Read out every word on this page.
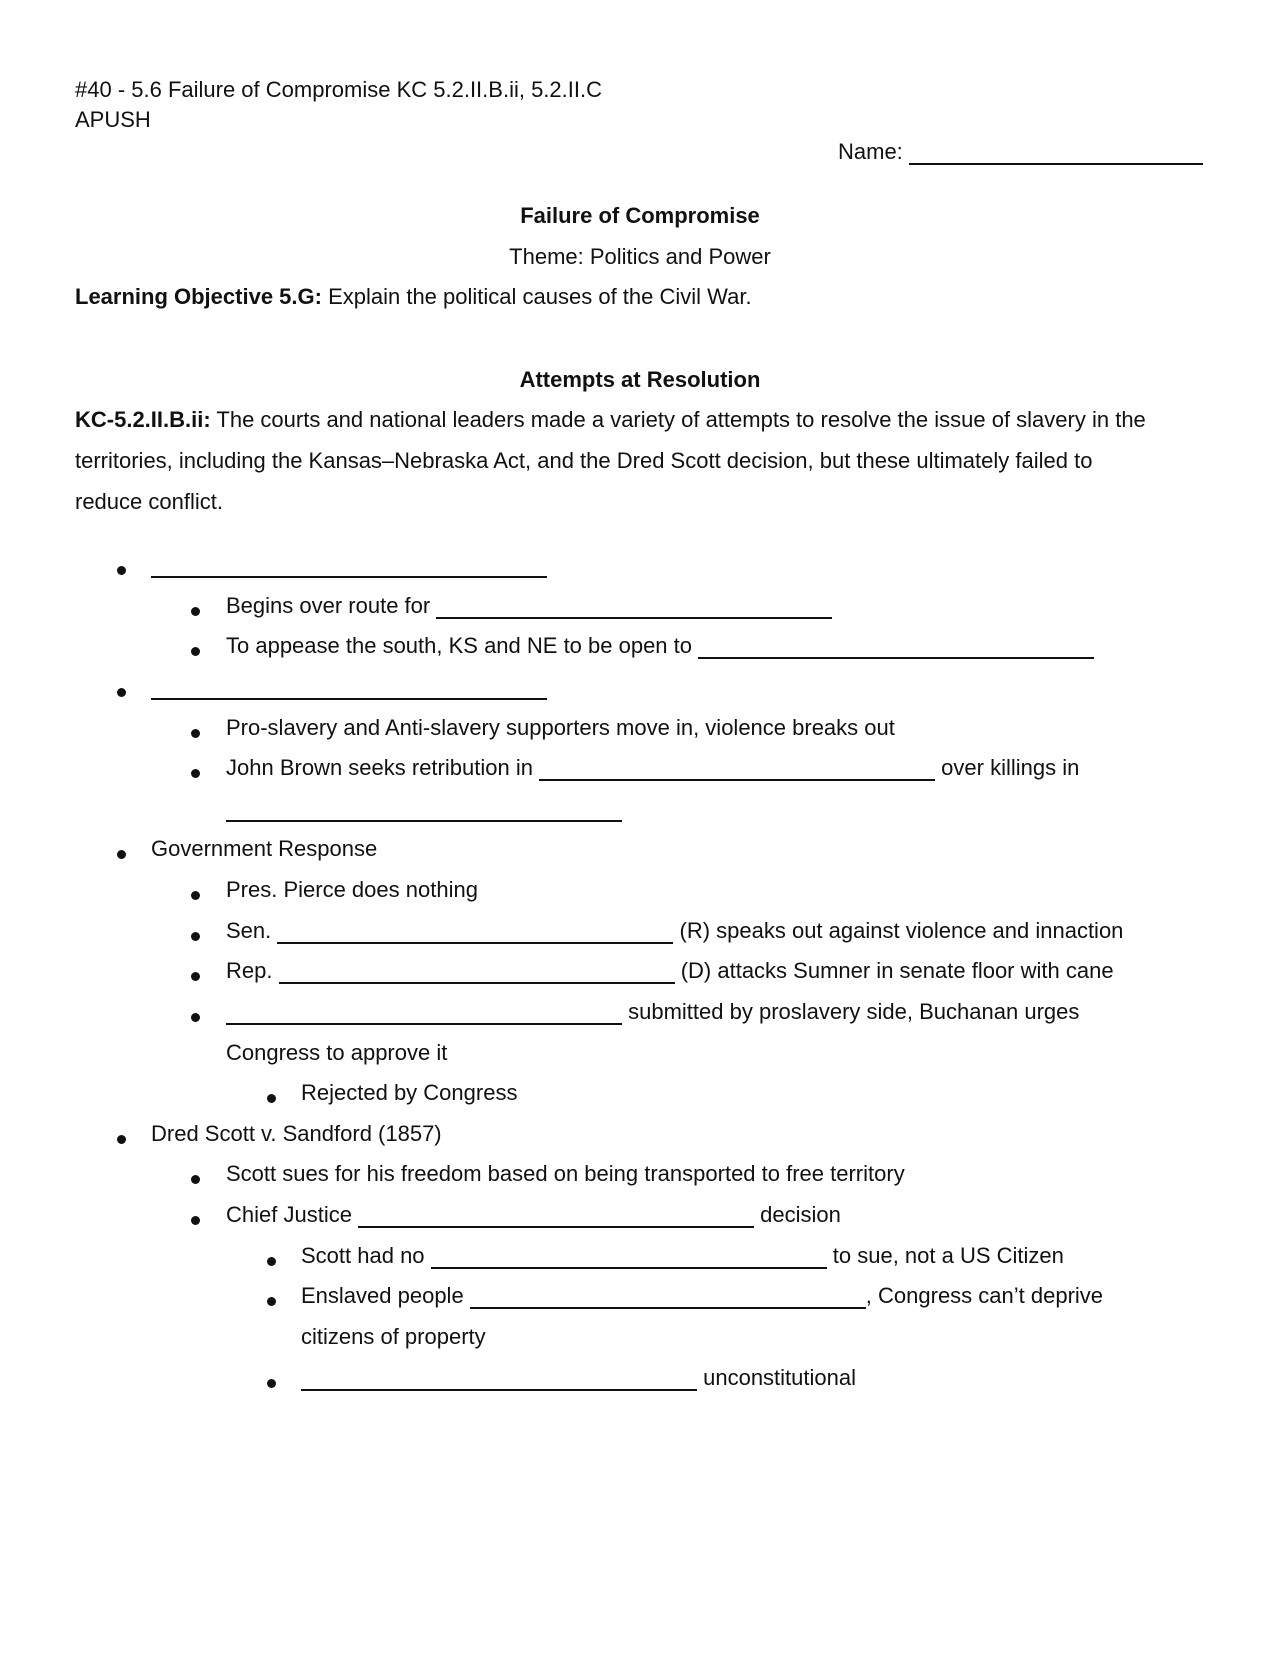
#40 - 5.6 Failure of Compromise KC 5.2.II.B.ii, 5.2.II.C
APUSH
Name:
Failure of Compromise
Theme: Politics and Power
Learning Objective 5.G: Explain the political causes of the Civil War.
Attempts at Resolution
KC-5.2.II.B.ii: The courts and national leaders made a variety of attempts to resolve the issue of slavery in the
territories, including the Kansas–Nebraska Act, and the Dred Scott decision, but these ultimately failed to
reduce conflict.
Begins over route for
To appease the south, KS and NE to be open to
Pro-slavery and Anti-slavery supporters move in, violence breaks out
John Brown seeks retribution in	over killings in
Government Response
Pres. Pierce does nothing
Sen.	(R) speaks out against violence and innaction
Rep.	(D) attacks Sumner in senate floor with cane
submitted by proslavery side, Buchanan urges
Congress to approve it
Rejected by Congress
Dred Scott v. Sandford (1857)
Scott sues for his freedom based on being transported to free territory
Chief Justice	decision
Scott had no	to sue, not a US Citizen
Enslaved people	, Congress can’t deprive
citizens of property
unconstitutional
